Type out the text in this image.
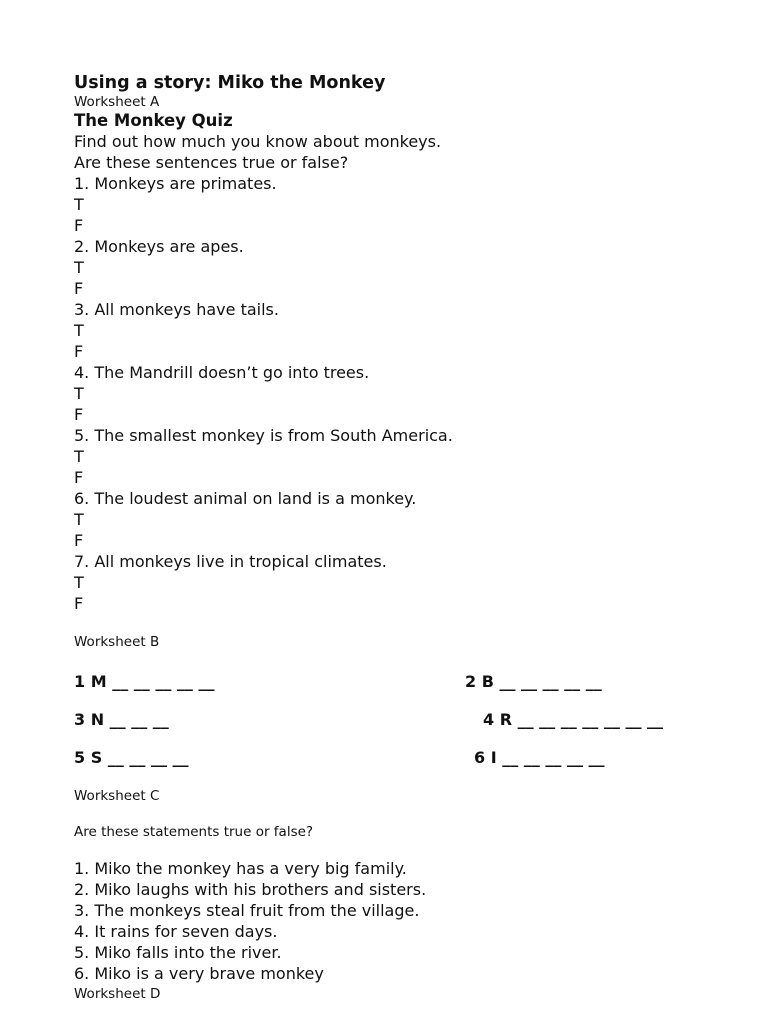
Using a story: Miko the Monkey

Worksheet A

The Monkey Quiz

Find out how much you know about monkeys.

Are these sentences true or false?

1. Monkeys are primates.

T

F

2. Monkeys are apes.

T

F

3. All monkeys have tails.

T

F

4. The Mandrill doesn’t go into trees.

T

F

5. The smallest monkey is from South America.

T

F

6. The loudest animal on land is a monkey.

T

F

7. All monkeys live in tropical climates.

T

F

Worksheet B

1 M __ __ __ __ __	2 B __ __ __ __ __
3 N __ __ __	4 R __ __ __ __ __ __ __
5 S __ __ __ __	6 I __ __ __ __ __

Worksheet C

Are these statements true or false?

1. Miko the monkey has a very big family.

2. Miko laughs with his brothers and sisters.

3. The monkeys steal fruit from the village.

4. It rains for seven days.

5. Miko falls into the river.

6. Miko is a very brave monkey

Worksheet D
